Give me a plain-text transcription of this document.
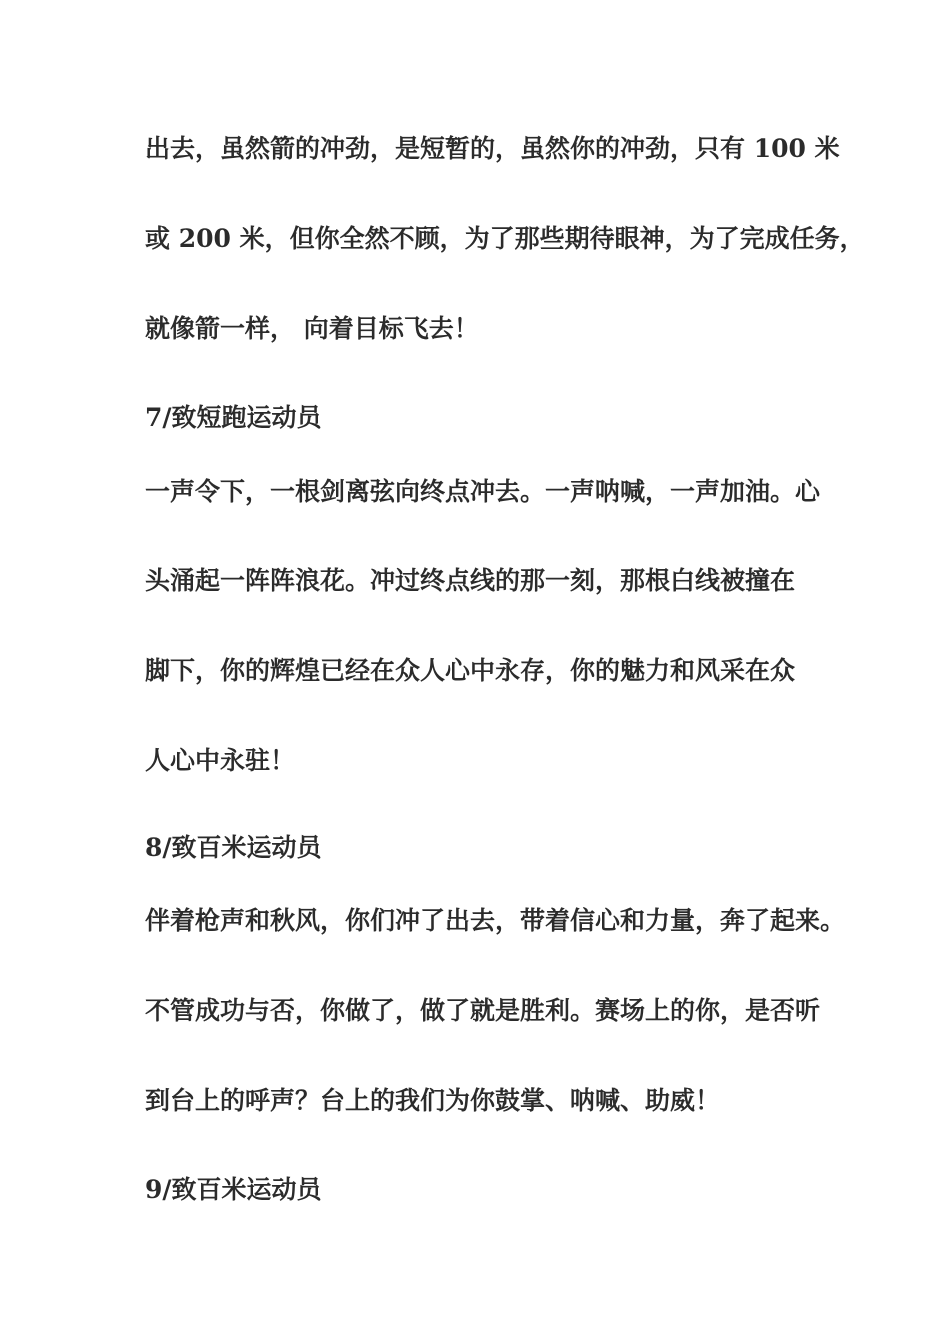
出去，虽然箭的冲劲，是短暂的，虽然你的冲劲，只有 100 米
或 200 米，但你全然不顾，为了那些期待眼神，为了完成任务，
就像箭一样， 向着目标飞去！
7/致短跑运动员
一声令下，一根剑离弦向终点冲去。一声呐喊，一声加油。心
头涌起一阵阵浪花。冲过终点线的那一刻，那根白线被撞在
脚下，你的辉煌已经在众人心中永存，你的魅力和风采在众
人心中永驻！
8/致百米运动员
伴着枪声和秋风，你们冲了出去，带着信心和力量，奔了起来。
不管成功与否，你做了，做了就是胜利。赛场上的你，是否听
到台上的呼声？台上的我们为你鼓掌、呐喊、助威！
9/致百米运动员
